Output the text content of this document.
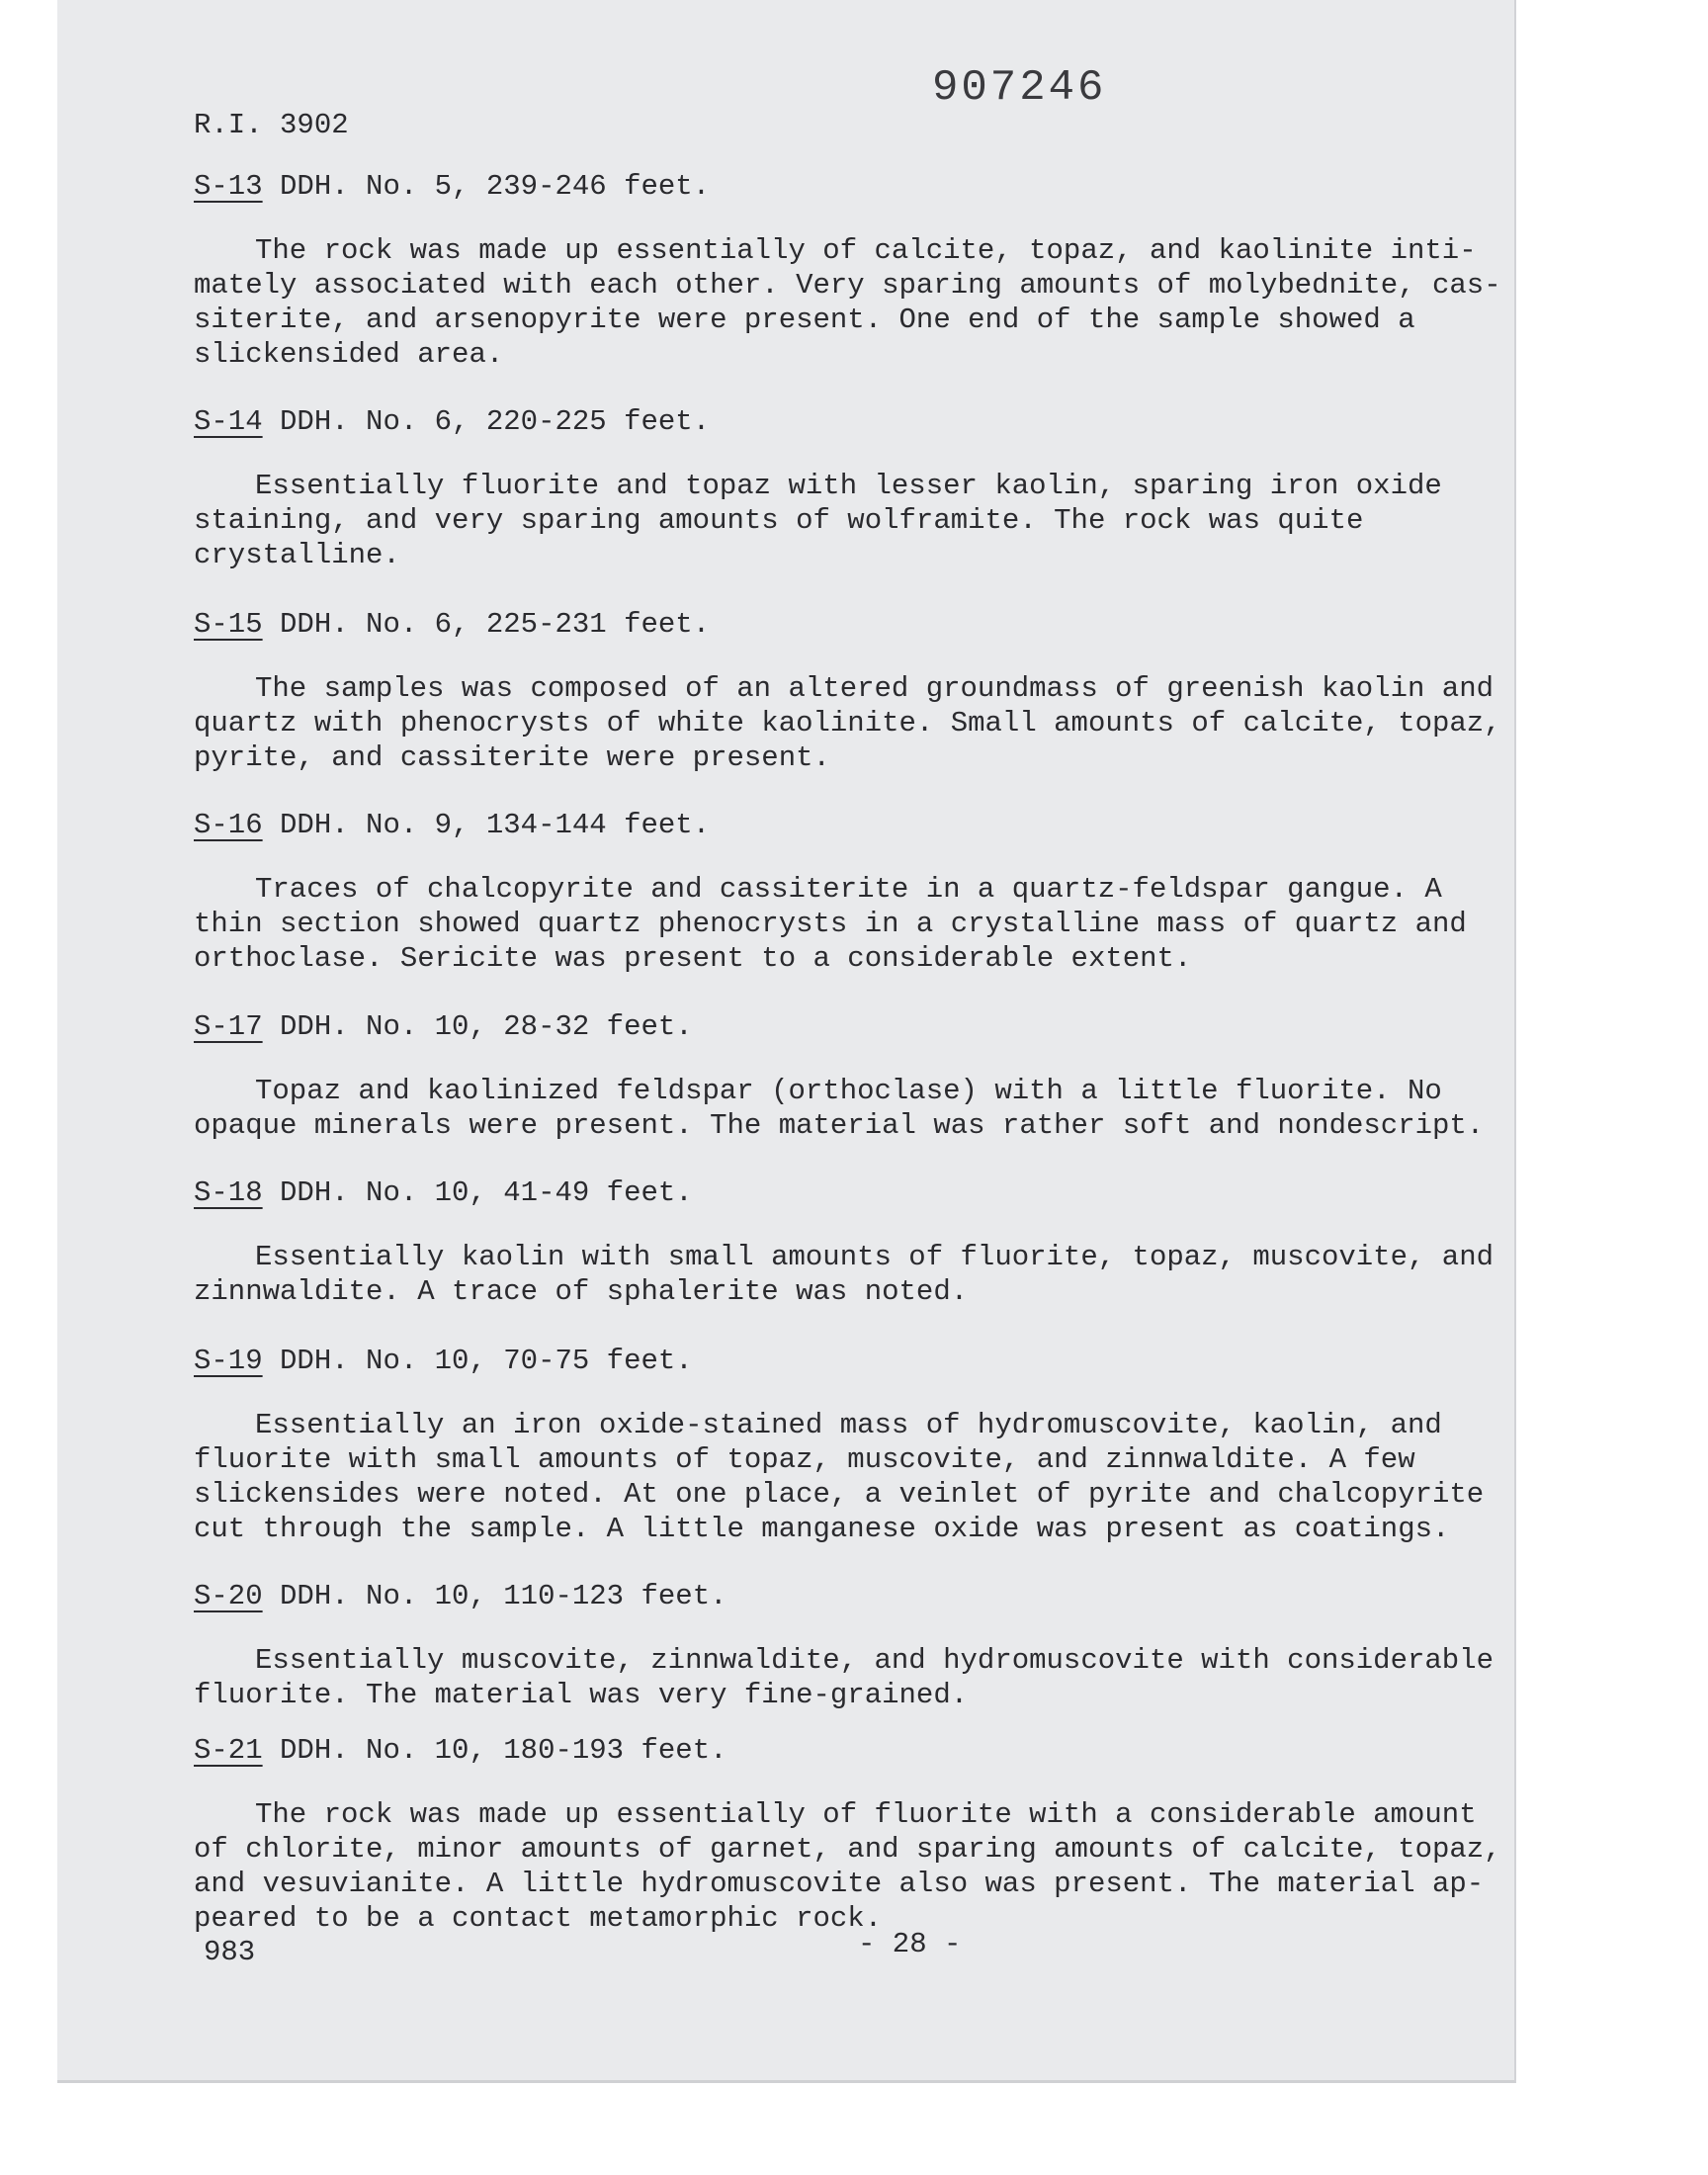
907246
R.I. 3902
S-13 DDH. No. 5, 239-246 feet.
The rock was made up essentially of calcite, topaz, and kaolinite inti-
mately associated with each other. Very sparing amounts of molybednite, cas-
siterite, and arsenopyrite were present. One end of the sample showed a
slickensided area.
S-14 DDH. No. 6, 220-225 feet.
Essentially fluorite and topaz with lesser kaolin, sparing iron oxide
staining, and very sparing amounts of wolframite. The rock was quite
crystalline.
S-15 DDH. No. 6, 225-231 feet.
The samples was composed of an altered groundmass of greenish kaolin and
quartz with phenocrysts of white kaolinite. Small amounts of calcite, topaz,
pyrite, and cassiterite were present.
S-16 DDH. No. 9, 134-144 feet.
Traces of chalcopyrite and cassiterite in a quartz-feldspar gangue. A
thin section showed quartz phenocrysts in a crystalline mass of quartz and
orthoclase. Sericite was present to a considerable extent.
S-17 DDH. No. 10, 28-32 feet.
Topaz and kaolinized feldspar (orthoclase) with a little fluorite. No
opaque minerals were present. The material was rather soft and nondescript.
S-18 DDH. No. 10, 41-49 feet.
Essentially kaolin with small amounts of fluorite, topaz, muscovite, and
zinnwaldite. A trace of sphalerite was noted.
S-19 DDH. No. 10, 70-75 feet.
Essentially an iron oxide-stained mass of hydromuscovite, kaolin, and
fluorite with small amounts of topaz, muscovite, and zinnwaldite. A few
slickensides were noted. At one place, a veinlet of pyrite and chalcopyrite
cut through the sample. A little manganese oxide was present as coatings.
S-20 DDH. No. 10, 110-123 feet.
Essentially muscovite, zinnwaldite, and hydromuscovite with considerable
fluorite. The material was very fine-grained.
S-21 DDH. No. 10, 180-193 feet.
The rock was made up essentially of fluorite with a considerable amount
of chlorite, minor amounts of garnet, and sparing amounts of calcite, topaz,
and vesuvianite. A little hydromuscovite also was present. The material ap-
peared to be a contact metamorphic rock.
983	- 28 -
